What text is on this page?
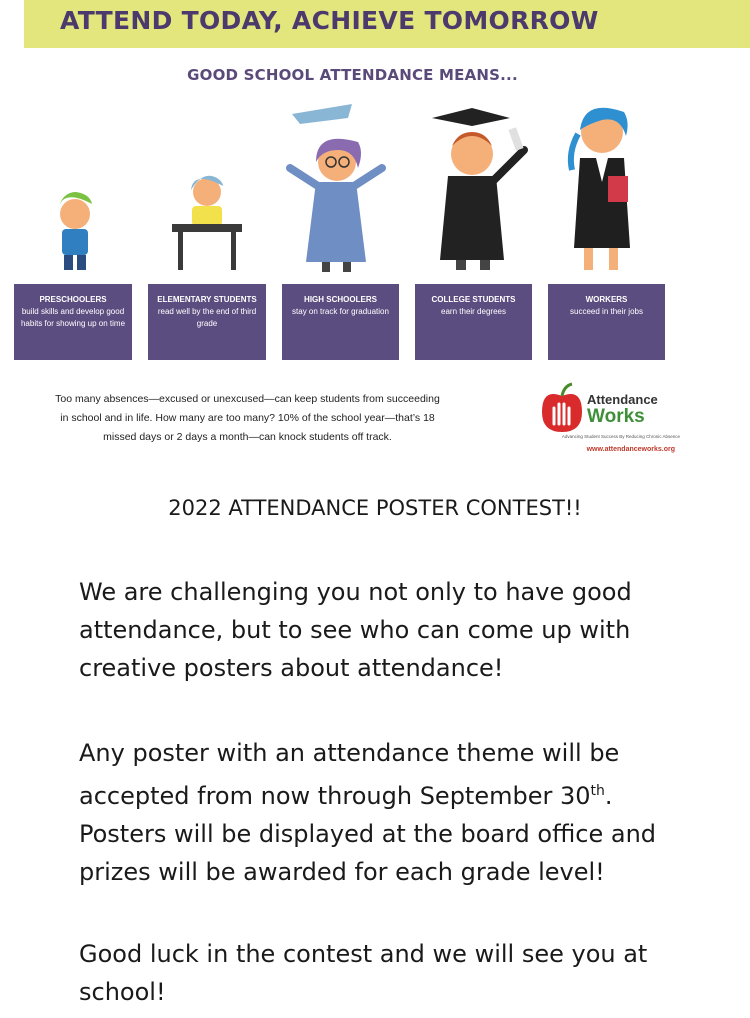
ATTEND TODAY, ACHIEVE TOMORROW
GOOD SCHOOL ATTENDANCE MEANS...
PRESCHOOLERS
build skills and develop good habits for showing up on time
ELEMENTARY STUDENTS
read well by the end of third grade
HIGH SCHOOLERS
stay on track for graduation
COLLEGE STUDENTS
earn their degrees
WORKERS
succeed in their jobs
Too many absences—excused or unexcused—can keep students from succeeding
in school and in life. How many are too many? 10% of the school year—that’s 18
missed days or 2 days a month—can knock students off track.
Attendance
Works
Advancing Student Success By Reducing Chronic Absence
www.attendanceworks.org
2022 ATTENDANCE POSTER CONTEST!!
We are challenging you not only to have good
attendance, but to see who can come up with
creative posters about attendance!
Any poster with an attendance theme will be
accepted from now through September 30th.
Posters will be displayed at the board office and
prizes will be awarded for each grade level!
Good luck in the contest and we will see you at
school!
